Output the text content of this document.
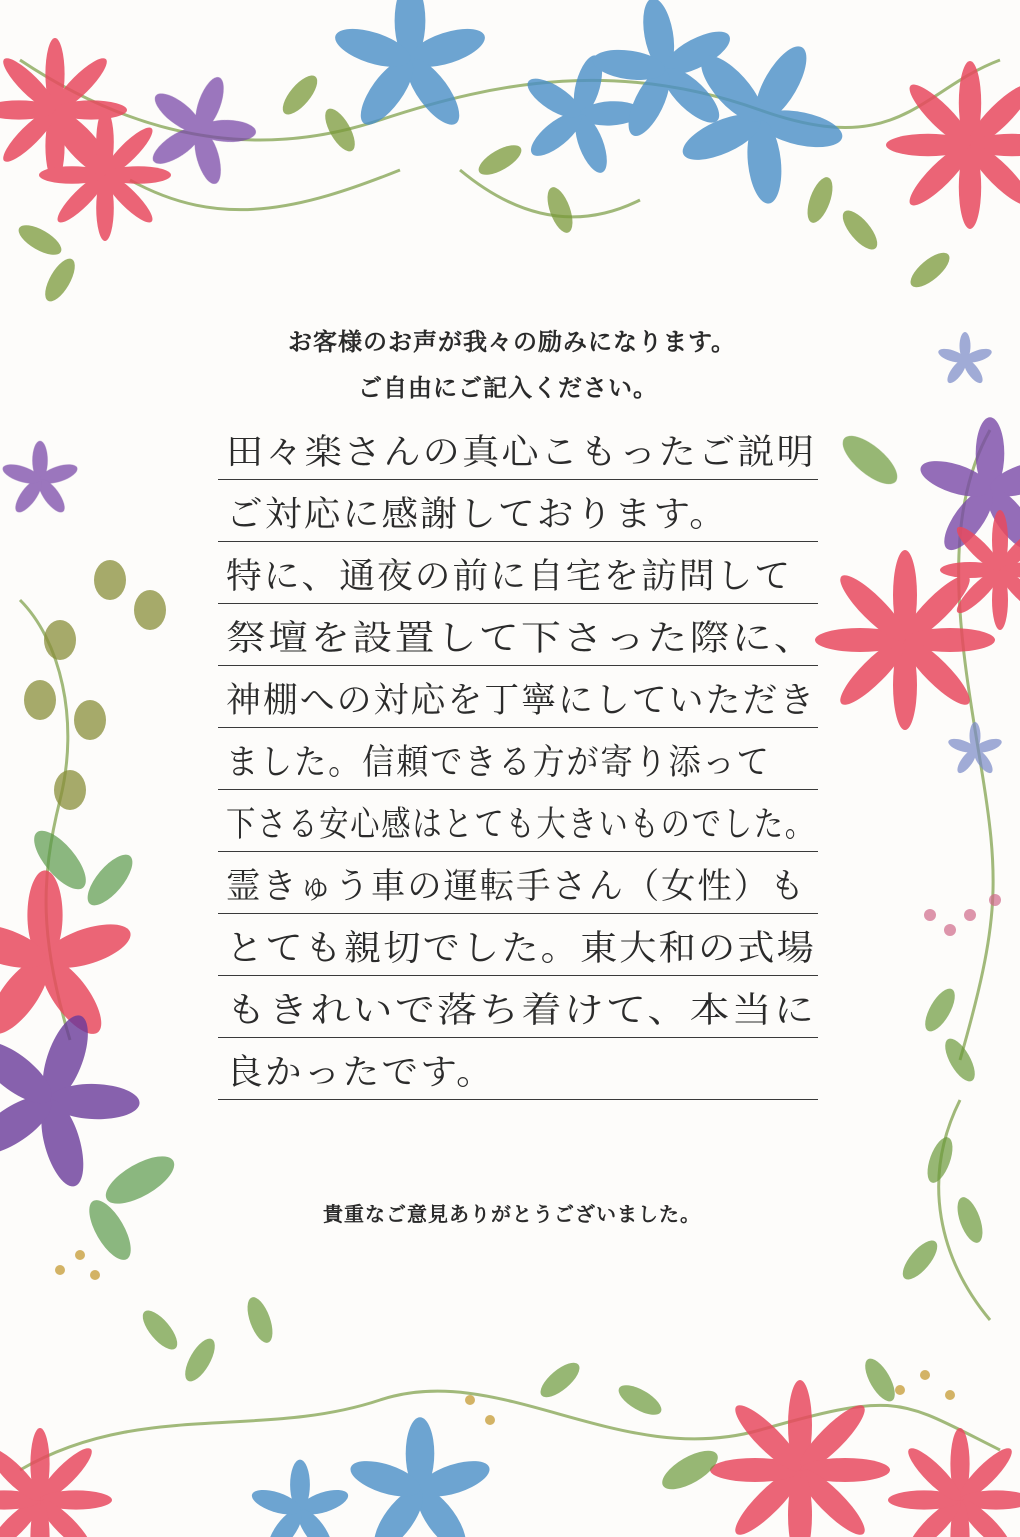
お客様のお声が我々の励みになります。
ご自由にご記入ください。
田々楽さんの真心こもったご説明
ご対応に感謝しております。
特に、通夜の前に自宅を訪問して
祭壇を設置して下さった際に、
神棚への対応を丁寧にしていただき
ました。信頼できる方が寄り添って
下さる安心感はとても大きいものでした。
霊きゅう車の運転手さん（女性）も
とても親切でした。東大和の式場
もきれいで落ち着けて、本当に
良かったです。
貴重なご意見ありがとうございました。
